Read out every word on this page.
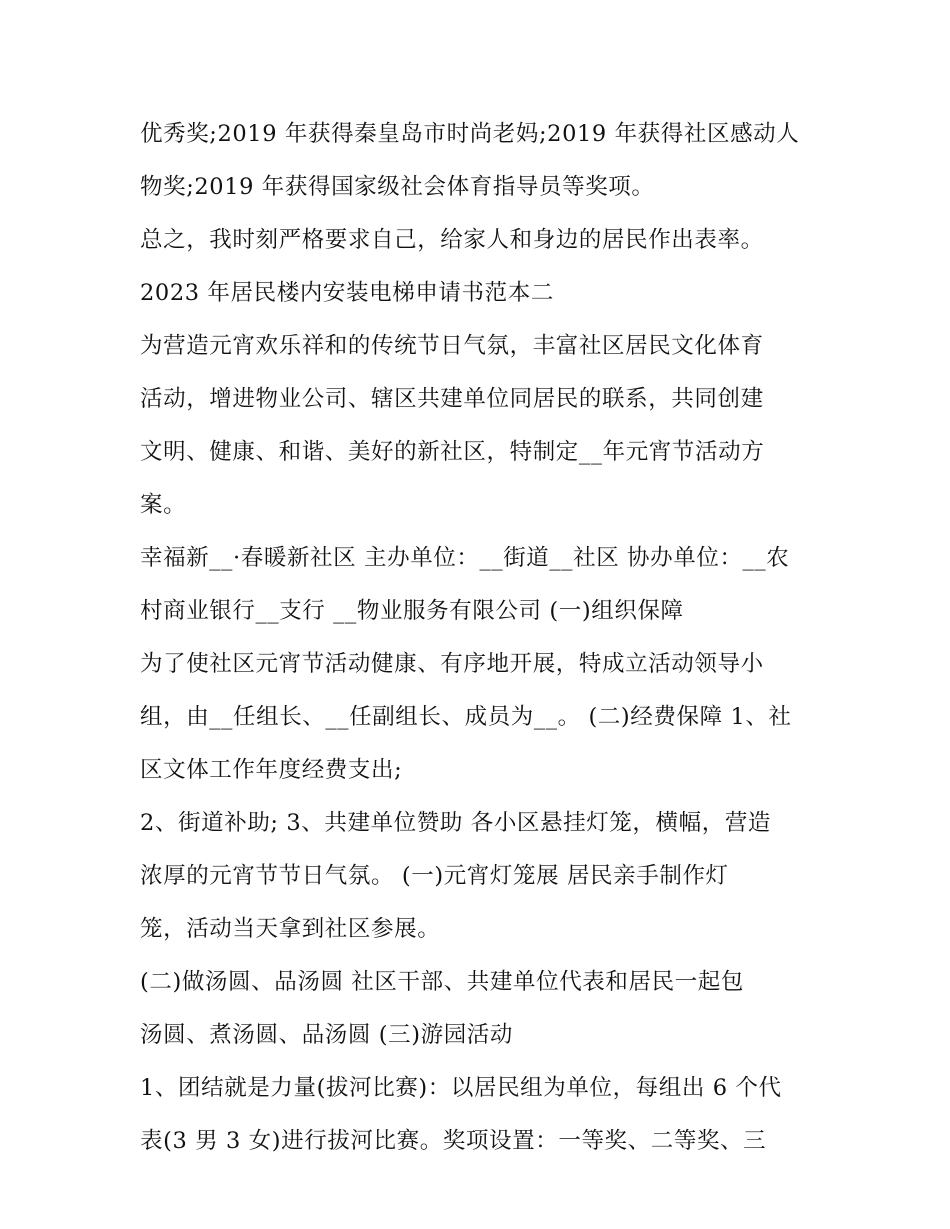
优秀奖;2019 年获得秦皇岛市时尚老妈;2019 年获得社区感动人
物奖;2019 年获得国家级社会体育指导员等奖项。
总之，我时刻严格要求自己，给家人和身边的居民作出表率。
2023 年居民楼内安装电梯申请书范本二
为营造元宵欢乐祥和的传统节日气氛，丰富社区居民文化体育
活动，增进物业公司、辖区共建单位同居民的联系，共同创建
文明、健康、和谐、美好的新社区，特制定__年元宵节活动方
案。
幸福新__·春暖新社区 主办单位：__街道__社区 协办单位：__农
村商业银行__支行 __物业服务有限公司 (一)组织保障
为了使社区元宵节活动健康、有序地开展，特成立活动领导小
组，由__任组长、__任副组长、成员为__。 (二)经费保障 1、社
区文体工作年度经费支出;
2、街道补助; 3、共建单位赞助 各小区悬挂灯笼，横幅，营造
浓厚的元宵节节日气氛。 (一)元宵灯笼展 居民亲手制作灯
笼，活动当天拿到社区参展。
(二)做汤圆、品汤圆 社区干部、共建单位代表和居民一起包
汤圆、煮汤圆、品汤圆 (三)游园活动
1、团结就是力量(拔河比赛)：以居民组为单位，每组出 6 个代
表(3 男 3 女)进行拔河比赛。奖项设置：一等奖、二等奖、三
